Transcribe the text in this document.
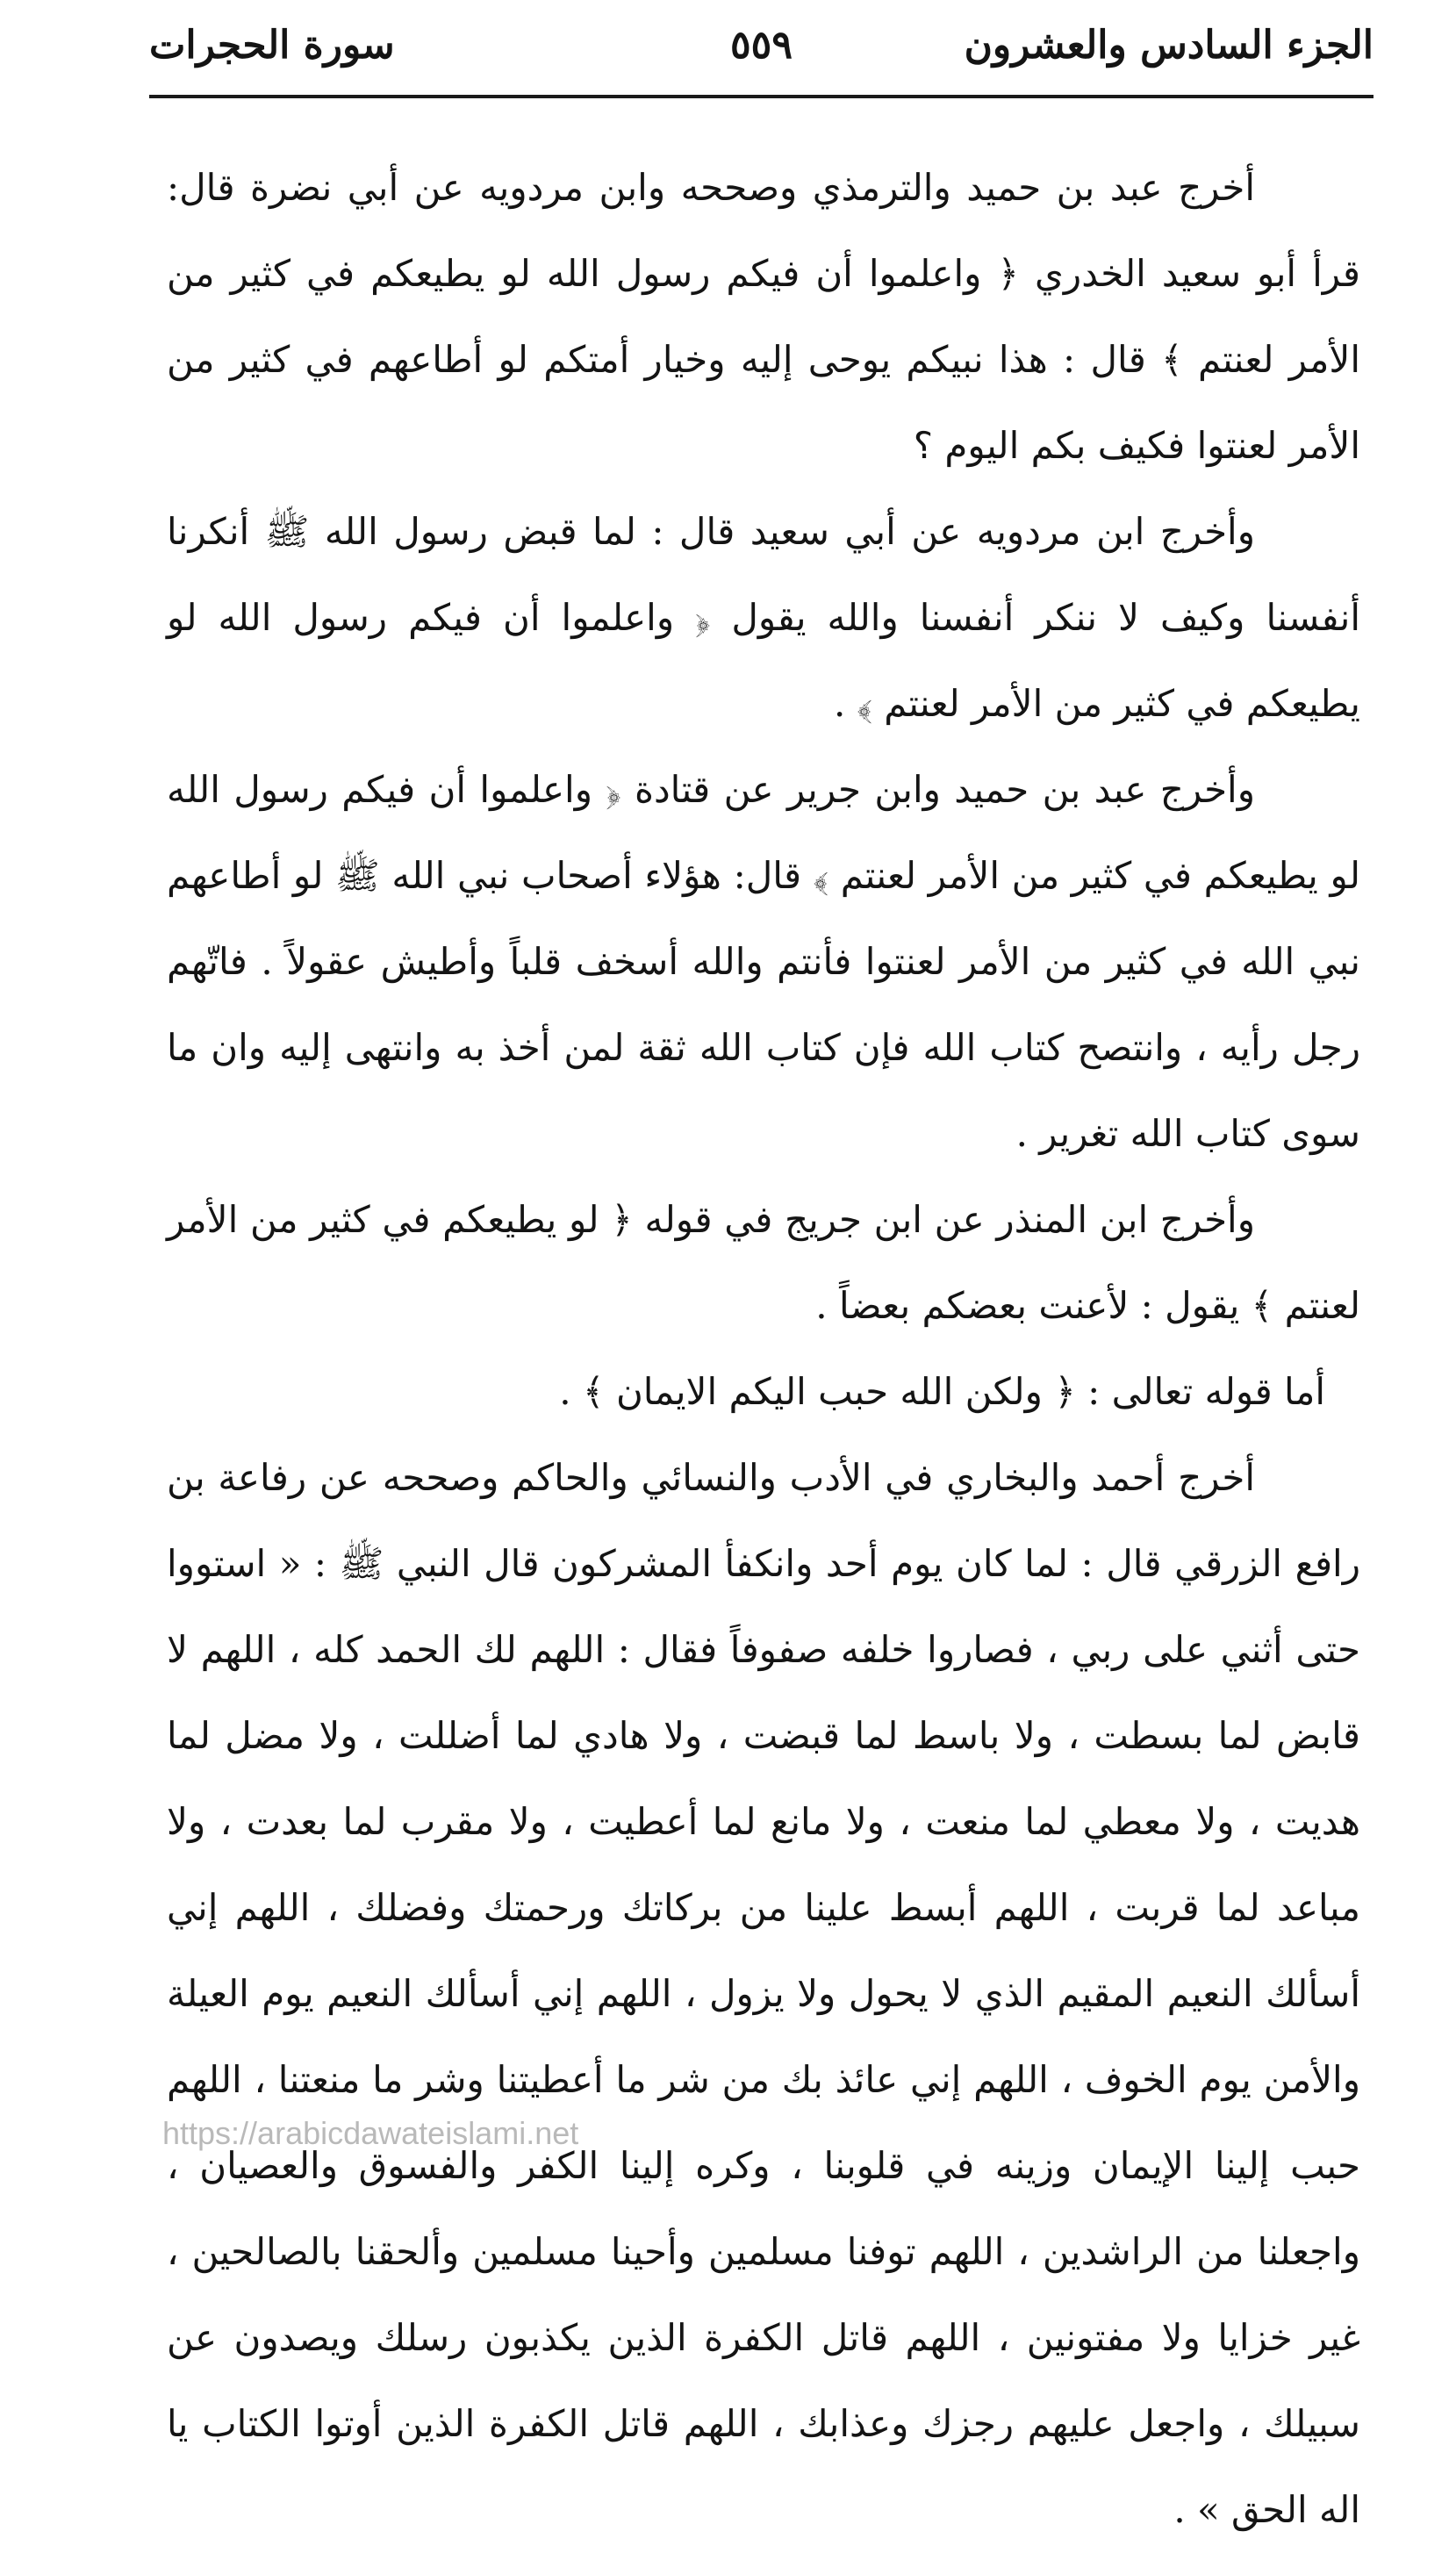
الجزء السادس والعشرون
٥٥٩
سورة الحجرات

أخرج عبد بن حميد والترمذي وصححه وابن مردويه عن أبي نضرة قال: قرأ أبو سعيد الخدري ﴿ واعلموا أن فيكم رسول الله لو يطيعكم في كثير من الأمر لعنتم ﴾ قال : هذا نبيكم يوحى إليه وخيار أمتكم لو أطاعهم في كثير من الأمر لعنتوا فكيف بكم اليوم ؟

وأخرج ابن مردويه عن أبي سعيد قال : لما قبض رسول الله ﷺ أنكرنا أنفسنا وكيف لا ننكر أنفسنا والله يقول ﴿ واعلموا أن فيكم رسول الله لو يطيعكم في كثير من الأمر لعنتم ﴾ .

وأخرج عبد بن حميد وابن جرير عن قتادة ﴿ واعلموا أن فيكم رسول الله لو يطيعكم في كثير من الأمر لعنتم ﴾ قال: هؤلاء أصحاب نبي الله ﷺ لو أطاعهم نبي الله في كثير من الأمر لعنتوا فأنتم والله أسخف قلباً وأطيش عقولاً . فاتّهم رجل رأيه ، وانتصح كتاب الله فإن كتاب الله ثقة لمن أخذ به وانتهى إليه وان ما سوى كتاب الله تغرير .

وأخرج ابن المنذر عن ابن جريج في قوله ﴿ لو يطيعكم في كثير من الأمر لعنتم ﴾ يقول : لأعنت بعضكم بعضاً .

أما قوله تعالى : ﴿ ولكن الله حبب اليكم الايمان ﴾ .

أخرج أحمد والبخاري في الأدب والنسائي والحاكم وصححه عن رفاعة بن رافع الزرقي قال : لما كان يوم أحد وانكفأ المشركون قال النبي ﷺ : « استووا حتى أثني على ربي ، فصاروا خلفه صفوفاً فقال : اللهم لك الحمد كله ، اللهم لا قابض لما بسطت ، ولا باسط لما قبضت ، ولا هادي لما أضللت ، ولا مضل لما هديت ، ولا معطي لما منعت ، ولا مانع لما أعطيت ، ولا مقرب لما بعدت ، ولا مباعد لما قربت ، اللهم أبسط علينا من بركاتك ورحمتك وفضلك ، اللهم إني أسألك النعيم المقيم الذي لا يحول ولا يزول ، اللهم إني أسألك النعيم يوم العيلة والأمن يوم الخوف ، اللهم إني عائذ بك من شر ما أعطيتنا وشر ما منعتنا ، اللهم حبب إلينا الإيمان وزينه في قلوبنا ، وكره إلينا الكفر والفسوق والعصيان ، واجعلنا من الراشدين ، اللهم توفنا مسلمين وأحينا مسلمين وألحقنا بالصالحين ، غير خزايا ولا مفتونين ، اللهم قاتل الكفرة الذين يكذبون رسلك ويصدون عن سبيلك ، واجعل عليهم رجزك وعذابك ، اللهم قاتل الكفرة الذين أوتوا الكتاب يا اله الحق » .

https://arabicdawateislami.net
